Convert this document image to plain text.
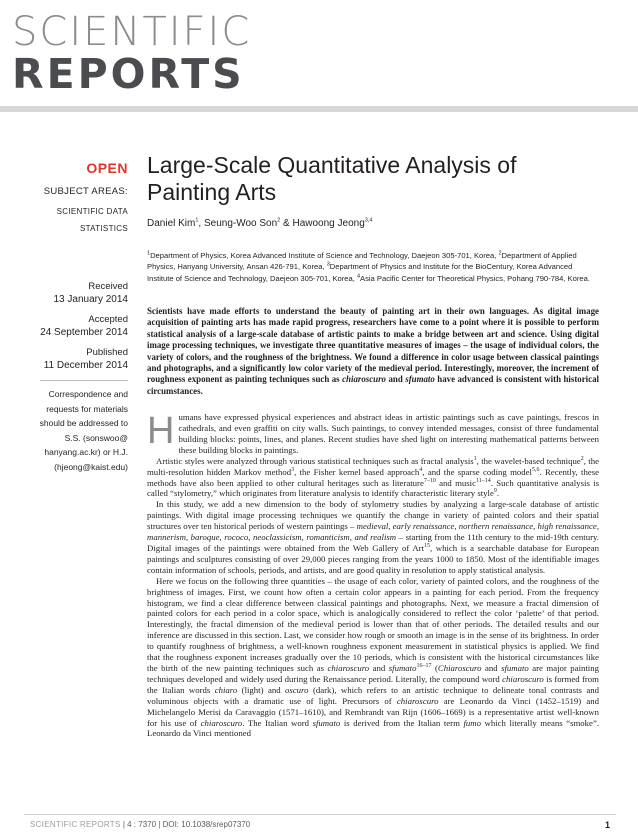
SCIENTIFIC
REPORTS
OPEN
SUBJECT AREAS:
SCIENTIFIC DATA
STATISTICS
Received
13 January 2014
Accepted
24 September 2014
Published
11 December 2014
Correspondence and
requests for materials
should be addressed to
S.S. (sonswoo@
hanyang.ac.kr) or H.J.
(hjeong@kaist.edu)
Large-Scale Quantitative Analysis of Painting Arts
Daniel Kim$^1$, Seung-Woo Son$^2$ & Hawoong Jeong$^{3,4}$
$^1$Department of Physics, Korea Advanced Institute of Science and Technology, Daejeon 305-701, Korea, $^2$Department of Applied Physics, Hanyang University, Ansan 426-791, Korea, $^3$Department of Physics and Institute for the BioCentury, Korea Advanced Institute of Science and Technology, Daejeon 305-701, Korea, $^4$Asia Pacific Center for Theoretical Physics, Pohang 790-784, Korea.
Scientists have made efforts to understand the beauty of painting art in their own languages. As digital image acquisition of painting arts has made rapid progress, researchers have come to a point where it is possible to perform statistical analysis of a large-scale database of artistic paints to make a bridge between art and science. Using digital image processing techniques, we investigate three quantitative measures of images – the usage of individual colors, the variety of colors, and the roughness of the brightness. We found a difference in color usage between classical paintings and photographs, and a significantly low color variety of the medieval period. Interestingly, moreover, the increment of roughness exponent as painting techniques such as chiaroscuro and sfumato have advanced is consistent with historical circumstances.

Humans have expressed physical experiences and abstract ideas in artistic paintings such as cave paintings, frescos in cathedrals, and even graffiti on city walls. Such paintings, to convey intended messages, consist of three fundamental building blocks: points, lines, and planes. Recent studies have shed light on interesting mathematical patterns between these building blocks in paintings.

Artistic styles were analyzed through various statistical techniques such as fractal analysis$^1$, the wavelet-based technique$^2$, the multi-resolution hidden Markov method$^3$, the Fisher kernel based approach$^4$, and the sparse coding model$^{5,6}$. Recently, these methods have also been applied to other cultural heritages such as literature$^{7-10}$ and music$^{11-14}$. Such quantitative analysis is called “stylometry,” which originates from literature analysis to identify characteristic literary style$^9$.

In this study, we add a new dimension to the body of stylometry studies by analyzing a large-scale database of artistic paintings. With digital image processing techniques we quantify the change in variety of painted colors and their spatial structures over ten historical periods of western paintings – medieval, early renaissance, northern renaissance, high renaissance, mannerism, baroque, rococo, neoclassicism, romanticism, and realism – starting from the 11th century to the mid-19th century. Digital images of the paintings were obtained from the Web Gallery of Art$^{15}$, which is a searchable database for European paintings and sculptures consisting of over 29,000 pieces ranging from the years 1000 to 1850. Most of the identifiable images contain information of schools, periods, and artists, and are good quality in resolution to apply statistical analysis.

Here we focus on the following three quantities – the usage of each color, variety of painted colors, and the roughness of the brightness of images. First, we count how often a certain color appears in a painting for each period. From the frequency histogram, we find a clear difference between classical paintings and photographs. Next, we measure a fractal dimension of painted colors for each period in a color space, which is analogically considered to reflect the color ‘palette’ of that period. Interestingly, the fractal dimension of the medieval period is lower than that of other periods. The detailed results and our inference are discussed in this section. Last, we consider how rough or smooth an image is in the sense of its brightness. In order to quantify roughness of brightness, a well-known roughness exponent measurement in statistical physics is applied. We find that the roughness exponent increases gradually over the 10 periods, which is consistent with the historical circumstances like the birth of the new painting techniques such as chiaroscuro and sfumato$^{16-17}$ (Chiaroscuro and sfumato are major painting techniques developed and widely used during the Renaissance period. Literally, the compound word chiaroscuro is formed from the Italian words chiaro (light) and oscuro (dark), which refers to an artistic technique to delineate tonal contrasts and voluminous objects with a dramatic use of light. Precursors of chiaroscuro are Leonardo da Vinci (1452–1519) and Michelangelo Merisi da Caravaggio (1571–1610), and Rembrandt van Rijn (1606–1669) is a representative artist well-known for his use of chiaroscuro. The Italian word sfumato is derived from the Italian term fumo which literally means “smoke”. Leonardo da Vinci mentioned

SCIENTIFIC REPORTS | 4 : 7370 | DOI: 10.1038/srep07370	1
